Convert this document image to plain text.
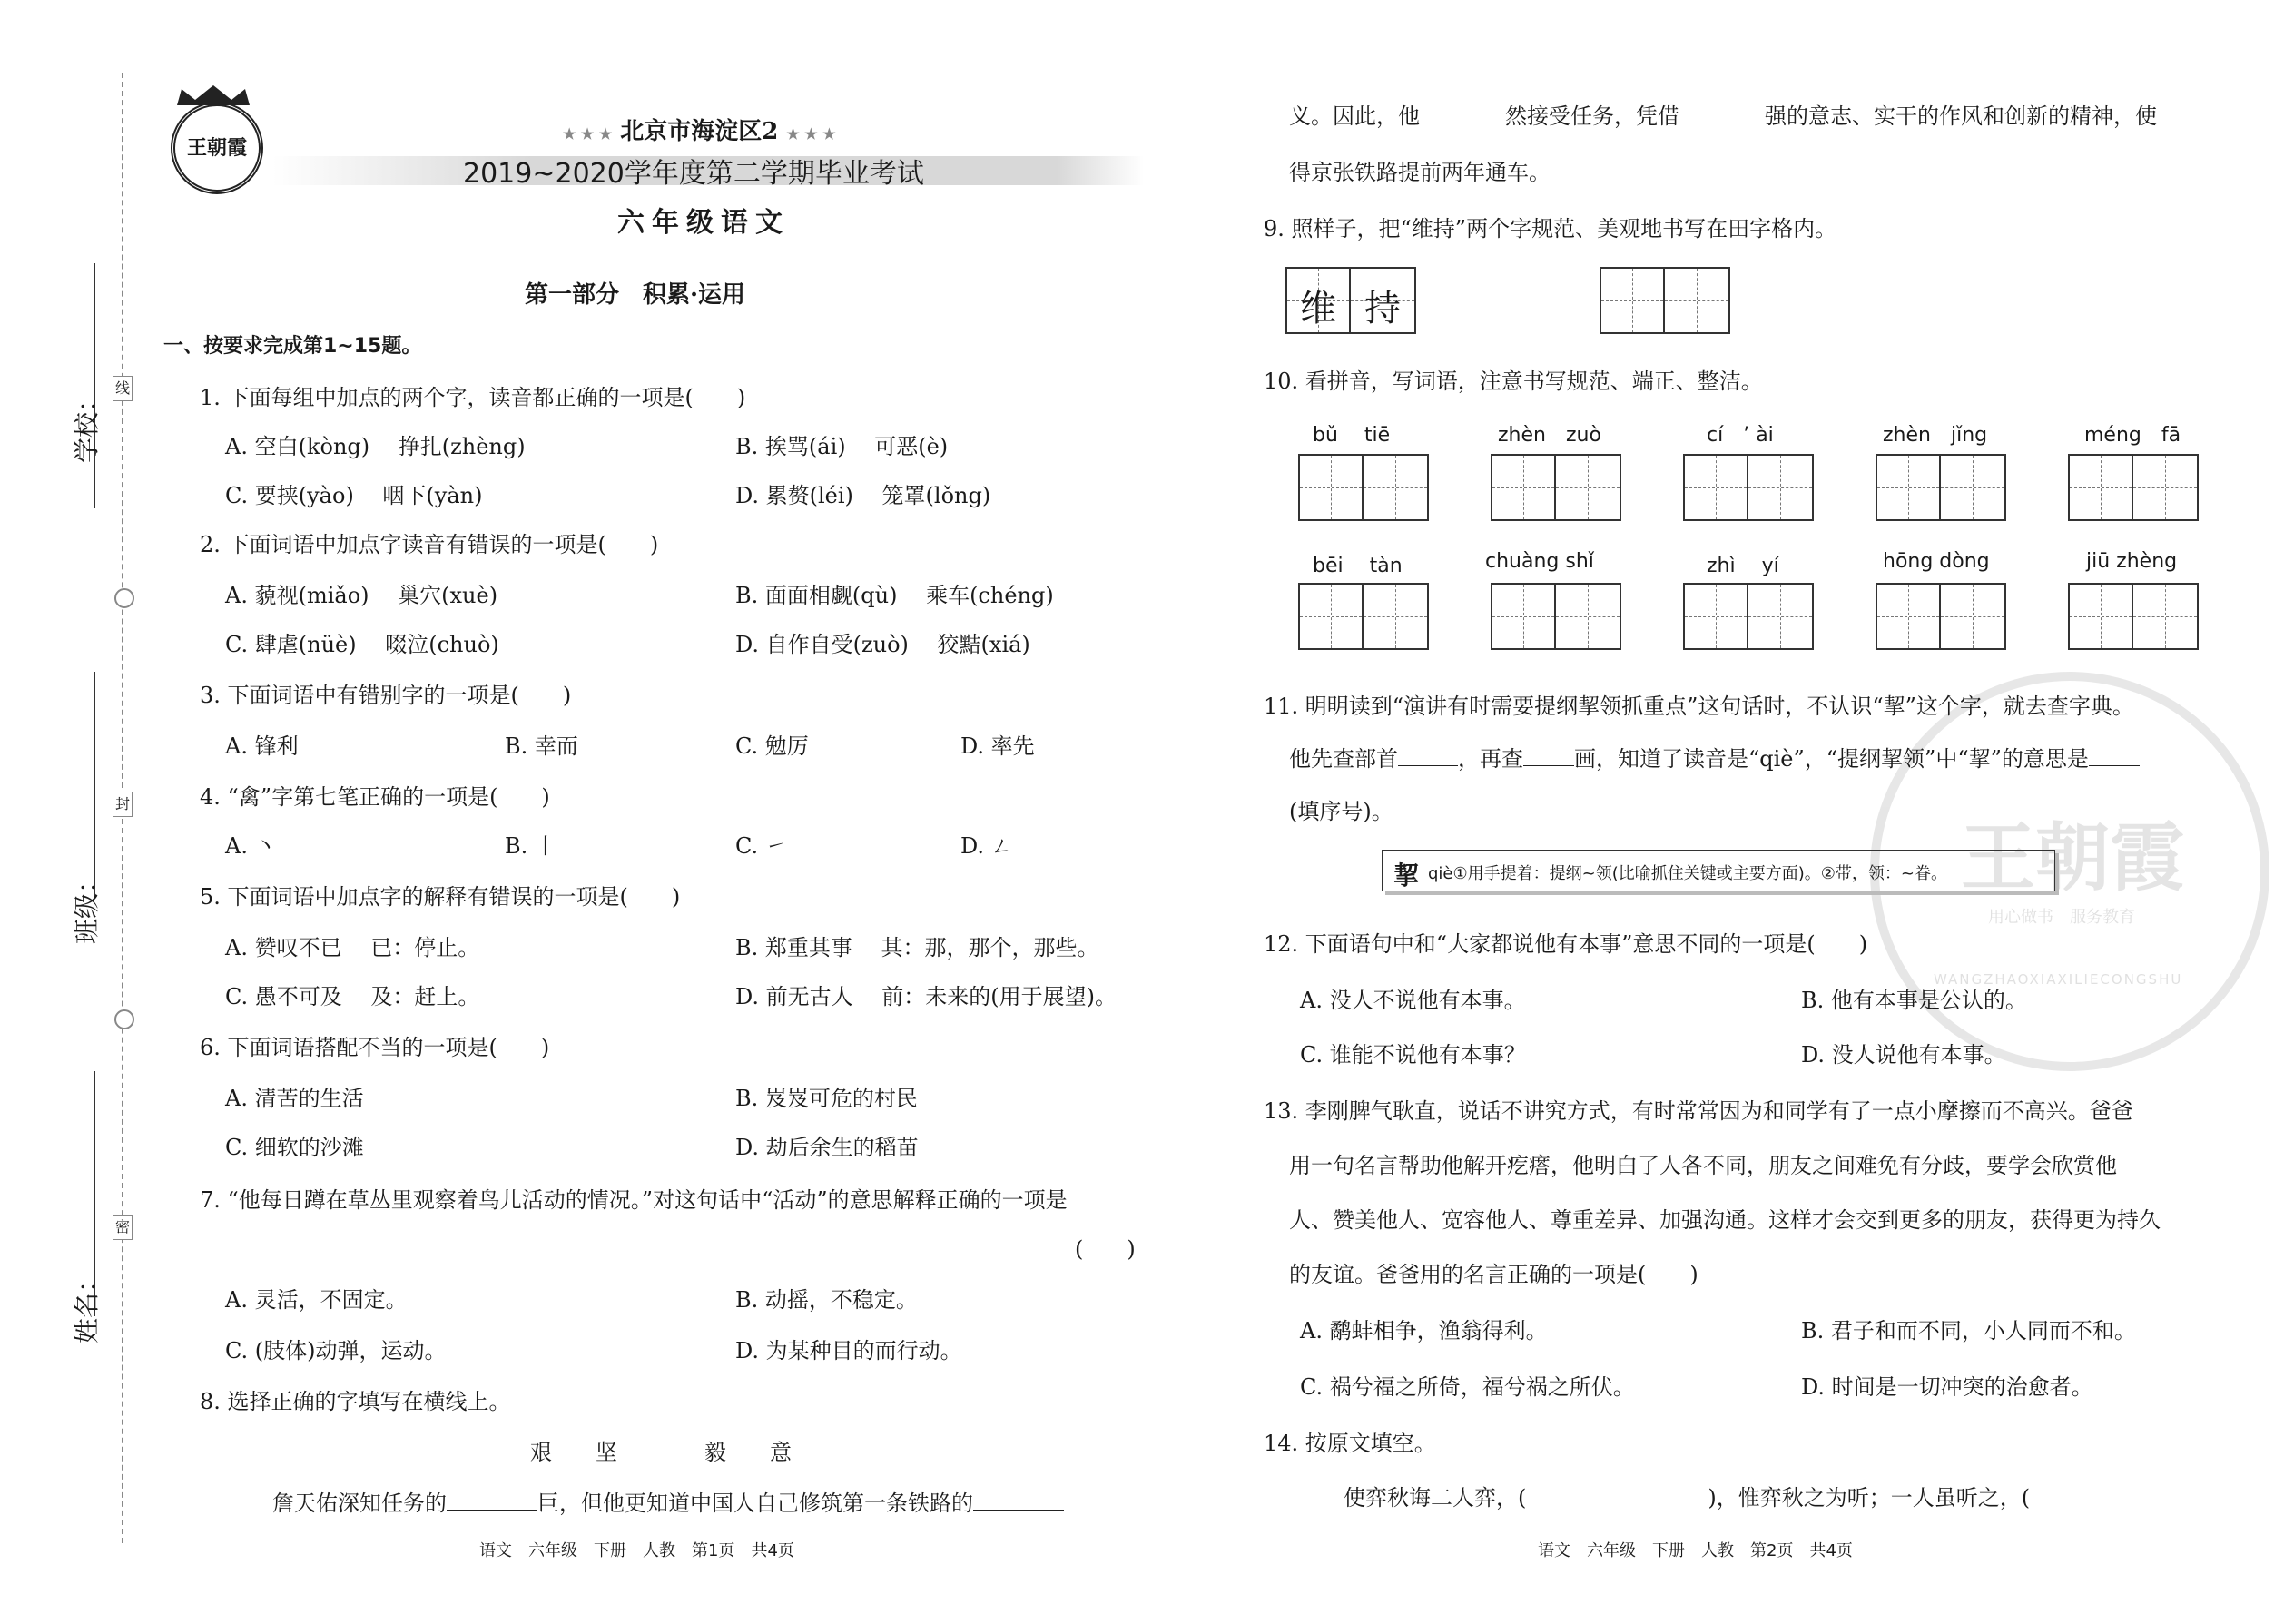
学校：
班级：
姓名：
线
封
密
王朝霞
★ ★ ★ 北京市海淀区2 ★ ★ ★
2019~2020学年度第二学期毕业考试
六年级语文
第一部分　积累·运用
一、按要求完成第1~15题。
1. 下面每组中加点的两个字，读音都正确的一项是(　　)
A. 空白(kòng)　 挣扎(zhèng)	B. 挨骂(ái)　 可恶(è)
C. 要挟(yào)　 咽下(yàn)	D. 累赘(léi)　 笼罩(lǒng)
2. 下面词语中加点字读音有错误的一项是(　　)
A. 藐视(miǎo)　 巢穴(xuè)	B. 面面相觑(qù)　 乘车(chéng)
C. 肆虐(nüè)　 啜泣(chuò)	D. 自作自受(zuò)　 狡黠(xiá)
3. 下面词语中有错别字的一项是(　　)
A. 锋利	B. 幸而	C. 勉厉	D. 率先
4. “禽”字第七笔正确的一项是(　　)
A. 丶	B. 丨	C. ㇀	D. ㄥ
5. 下面词语中加点字的解释有错误的一项是(　　)
A. 赞叹不已　 已：停止。	B. 郑重其事　 其：那，那个，那些。
C. 愚不可及　 及：赶上。	D. 前无古人　 前：未来的(用于展望)。
6. 下面词语搭配不当的一项是(　　)
A. 清苦的生活	B. 岌岌可危的村民
C. 细软的沙滩	D. 劫后余生的稻苗
7. “他每日蹲在草丛里观察着鸟儿活动的情况。”对这句话中“活动”的意思解释正确的一项是
(　　)
A. 灵活，不固定。	B. 动摇，不稳定。
C. (肢体)动弹，运动。	D. 为某种目的而行动。
8. 选择正确的字填写在横线上。
艰　　坚　　　　毅　　意
詹天佑深知任务的	巨，但他更知道中国人自己修筑第一条铁路的
语文　六年级　下册　人教　第1页　共4页
义。因此，他	然接受任务，凭借	强的意志、实干的作风和创新的精神，使
得京张铁路提前两年通车。
9. 照样子，把“维持”两个字规范、美观地书写在田字格内。
维 持
10. 看拼音，写词语，注意书写规范、端正、整洁。
bǔ　 tiē	zhèn　zuò	cí　’ ài	zhèn　jǐng	méng　fā
bēi　 tàn	chuàng shǐ	zhì　 yí	hōng dòng	jiū zhèng
王朝霞
用心做书　服务教育
WANGZHAOXIAXILIECONGSHU
11. 明明读到“演讲有时需要提纲挈领抓重点”这句话时，不认识“挈”这个字，就去查字典。
他先查部首	，再查 画，知道了读音是“qiè”，“提纲挈领”中“挈”的意思是
(填序号)。
挈 qiè①用手提着：提纲~领(比喻抓住关键或主要方面)。②带，领：~眷。
12. 下面语句中和“大家都说他有本事”意思不同的一项是(　　)
A. 没人不说他有本事。	B. 他有本事是公认的。
C. 谁能不说他有本事？	D. 没人说他有本事。
13. 李刚脾气耿直，说话不讲究方式，有时常常因为和同学有了一点小摩擦而不高兴。爸爸
用一句名言帮助他解开疙瘩，他明白了人各不同，朋友之间难免有分歧，要学会欣赏他
人、赞美他人、宽容他人、尊重差异、加强沟通。这样才会交到更多的朋友，获得更为持久
的友谊。爸爸用的名言正确的一项是(　　)
A. 鹬蚌相争，渔翁得利。	B. 君子和而不同，小人同而不和。
C. 祸兮福之所倚，福兮祸之所伏。	D. 时间是一切冲突的治愈者。
14. 按原文填空。
使弈秋诲二人弈，(	)，惟弈秋之为听；一人虽听之，(
语文　六年级　下册　人教　第2页　共4页
